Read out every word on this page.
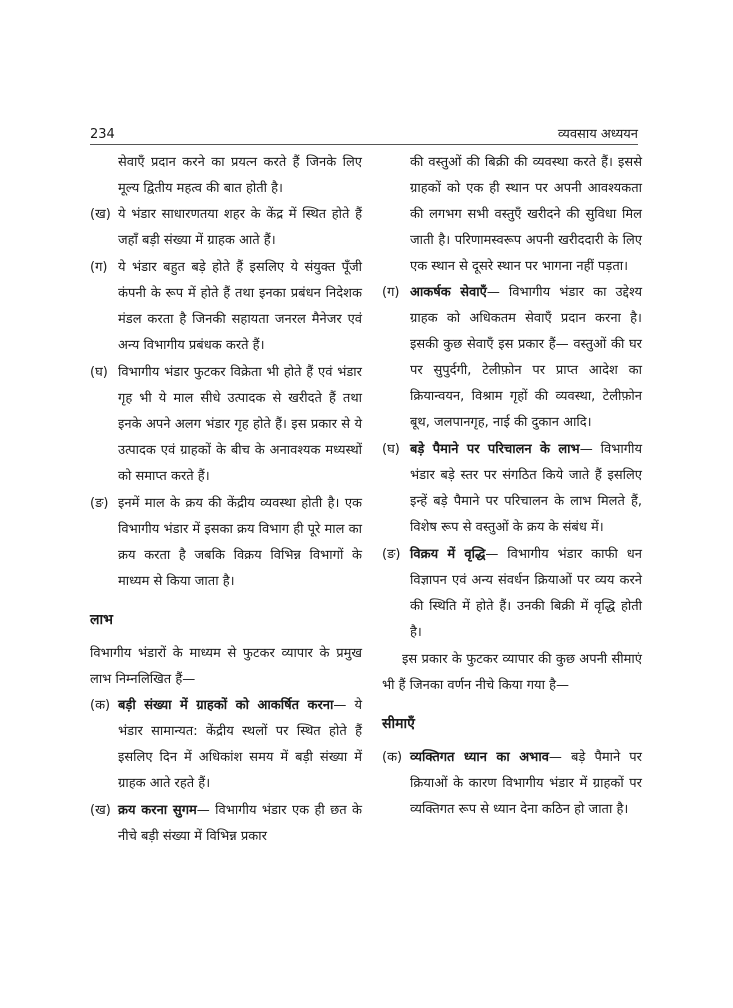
234	व्यवसाय अध्ययन
सेवाएँ प्रदान करने का प्रयत्न करते हैं जिनके लिए मूल्य द्वितीय महत्व की बात होती है।
(ख) ये भंडार साधारणतया शहर के केंद्र में स्थित होते हैं जहाँ बड़ी संख्या में ग्राहक आते हैं।
(ग) ये भंडार बहुत बड़े होते हैं इसलिए ये संयुक्त पूँजी कंपनी के रूप में होते हैं तथा इनका प्रबंधन निदेशक मंडल करता है जिनकी सहायता जनरल मैनेजर एवं अन्य विभागीय प्रबंधक करते हैं।
(घ) विभागीय भंडार फुटकर विक्रेता भी होते हैं एवं भंडार गृह भी ये माल सीधे उत्पादक से खरीदते हैं तथा इनके अपने अलग भंडार गृह होते हैं। इस प्रकार से ये उत्पादक एवं ग्राहकों के बीच के अनावश्यक मध्यस्थों को समाप्त करते हैं।
(ङ) इनमें माल के क्रय की केंद्रीय व्यवस्था होती है। एक विभागीय भंडार में इसका क्रय विभाग ही पूरे माल का क्रय करता है जबकि विक्रय विभिन्न विभागों के माध्यम से किया जाता है।
लाभ
विभागीय भंडारों के माध्यम से फुटकर व्यापार के प्रमुख लाभ निम्नलिखित हैं—
(क) बड़ी संख्या में ग्राहकों को आकर्षित करना— ये भंडार सामान्यत: केंद्रीय स्थलों पर स्थित होते हैं इसलिए दिन में अधिकांश समय में बड़ी संख्या में ग्राहक आते रहते हैं।
(ख) क्रय करना सुगम— विभागीय भंडार एक ही छत के नीचे बड़ी संख्या में विभिन्न प्रकार
की वस्तुओं की बिक्री की व्यवस्था करते हैं। इससे ग्राहकों को एक ही स्थान पर अपनी आवश्यकता की लगभग सभी वस्तुएँ खरीदने की सुविधा मिल जाती है। परिणामस्वरूप अपनी खरीददारी के लिए एक स्थान से दूसरे स्थान पर भागना नहीं पड़ता।
(ग) आकर्षक सेवाएँ— विभागीय भंडार का उद्देश्य ग्राहक को अधिकतम सेवाएँ प्रदान करना है। इसकी कुछ सेवाएँ इस प्रकार हैं— वस्तुओं की घर पर सुपुर्दगी, टेलीफ़ोन पर प्राप्त आदेश का क्रियान्वयन, विश्राम गृहों की व्यवस्था, टेलीफ़ोन बूथ, जलपानगृह, नाई की दुकान आदि।
(घ) बड़े पैमाने पर परिचालन के लाभ— विभागीय भंडार बड़े स्तर पर संगठित किये जाते हैं इसलिए इन्हें बड़े पैमाने पर परिचालन के लाभ मिलते हैं, विशेष रूप से वस्तुओं के क्रय के संबंध में।
(ङ) विक्रय में वृद्धि— विभागीय भंडार काफी धन विज्ञापन एवं अन्य संवर्धन क्रियाओं पर व्यय करने की स्थिति में होते हैं। उनकी बिक्री में वृद्धि होती है।
इस प्रकार के फुटकर व्यापार की कुछ अपनी सीमाएं भी हैं जिनका वर्णन नीचे किया गया है—
सीमाएँ
(क) व्यक्तिगत ध्यान का अभाव— बड़े पैमाने पर क्रियाओं के कारण विभागीय भंडार में ग्राहकों पर व्यक्तिगत रूप से ध्यान देना कठिन हो जाता है।
